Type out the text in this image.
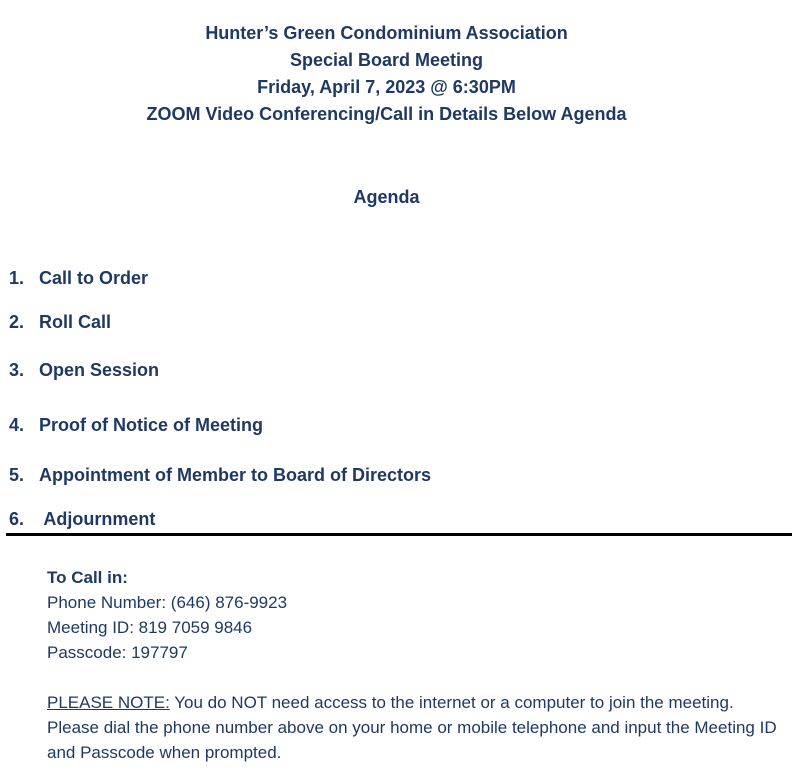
Hunter’s Green Condominium Association
Special Board Meeting
Friday, April 7, 2023 @ 6:30PM
ZOOM Video Conferencing/Call in Details Below Agenda
Agenda
1. Call to Order
2. Roll Call
3. Open Session
4. Proof of Notice of Meeting
5. Appointment of Member to Board of Directors
6. Adjournment
To Call in:
Phone Number: (646) 876-9923
Meeting ID: 819 7059 9846
Passcode: 197797
PLEASE NOTE: You do NOT need access to the internet or a computer to join the meeting. Please dial the phone number above on your home or mobile telephone and input the Meeting ID and Passcode when prompted.
